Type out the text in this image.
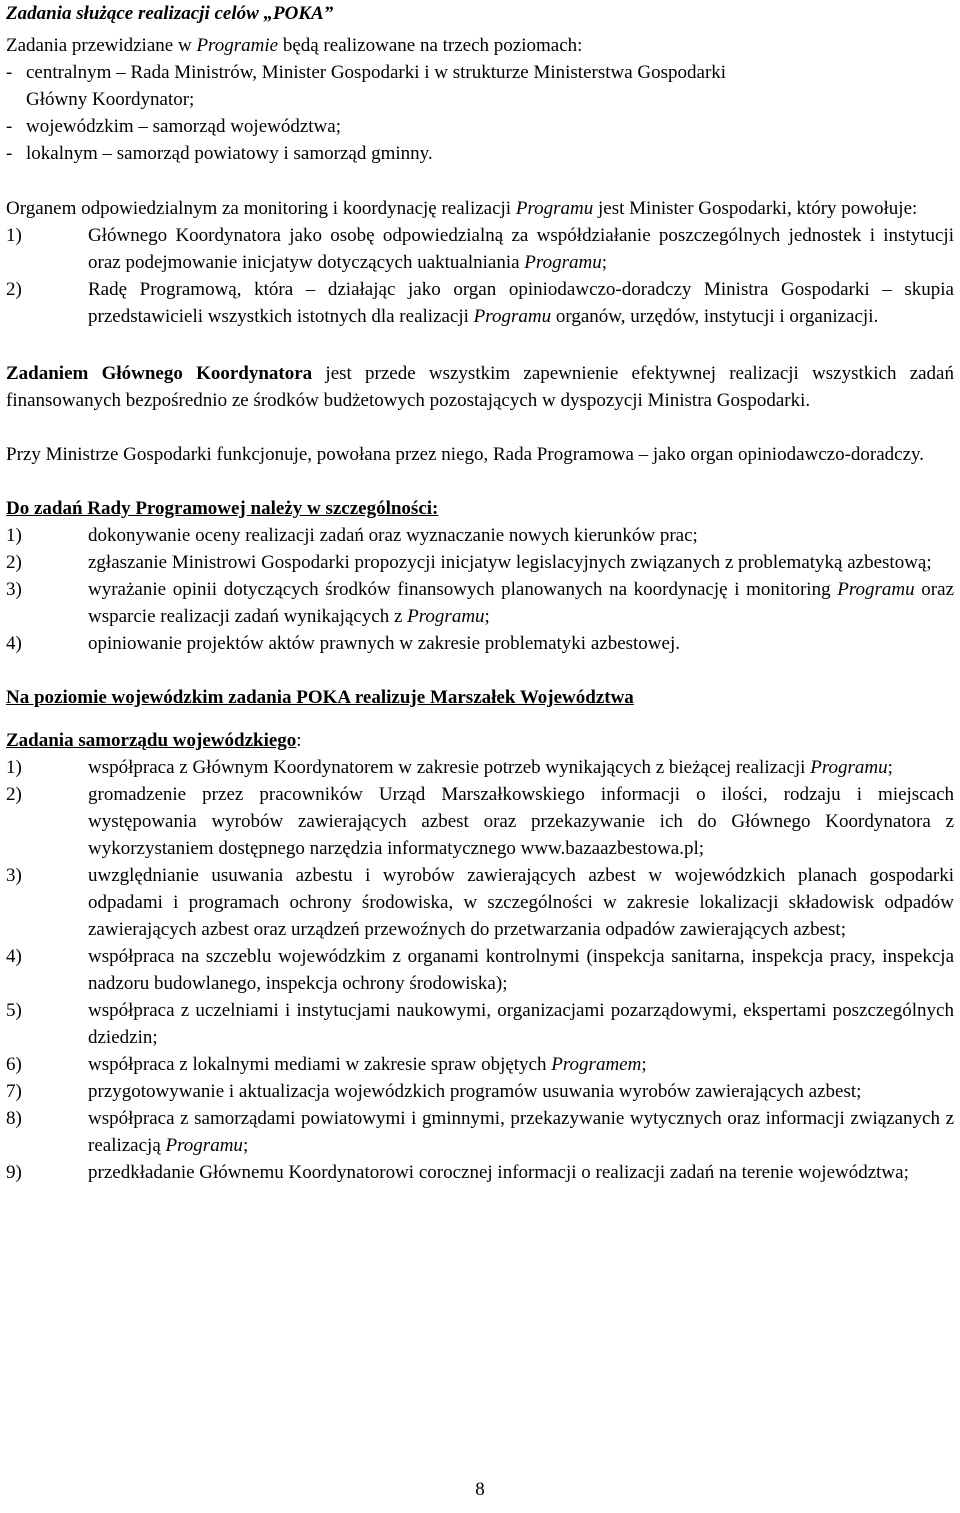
Zadania służące realizacji celów „POKA”

Zadania przewidziane w Programie będą realizowane na trzech poziomach:

- centralnym – Rada Ministrów, Minister Gospodarki i w strukturze Ministerstwa Gospodarki

Główny Koordynator;

- wojewódzkim – samorząd województwa;
- lokalnym – samorząd powiatowy i samorząd gminny.

Organem odpowiedzialnym za monitoring i koordynację realizacji Programu jest Minister Gospodarki, który powołuje:

1)	Głównego Koordynatora jako osobę odpowiedzialną za współdziałanie poszczególnych jednostek i instytucji oraz podejmowanie inicjatyw dotyczących uaktualniania Programu;
2)	Radę Programową, która – działając jako organ opiniodawczo-doradczy Ministra Gospodarki – skupia przedstawicieli wszystkich istotnych dla realizacji Programu organów, urzędów, instytucji i organizacji.

Zadaniem Głównego Koordynatora jest przede wszystkim zapewnienie efektywnej realizacji wszystkich zadań finansowanych bezpośrednio ze środków budżetowych pozostających w dyspozycji Ministra Gospodarki.

Przy Ministrze Gospodarki funkcjonuje, powołana przez niego, Rada Programowa – jako organ opiniodawczo-doradczy.

Do zadań Rady Programowej należy w szczególności:

1)	dokonywanie oceny realizacji zadań oraz wyznaczanie nowych kierunków prac;
2)	zgłaszanie Ministrowi Gospodarki propozycji inicjatyw legislacyjnych związanych z problematyką azbestową;
3)	wyrażanie opinii dotyczących środków finansowych planowanych na koordynację i monitoring Programu oraz wsparcie realizacji zadań wynikających z Programu;
4)	opiniowanie projektów aktów prawnych w zakresie problematyki azbestowej.

Na poziomie wojewódzkim zadania POKA realizuje Marszałek Województwa

Zadania samorządu wojewódzkiego:

1)	współpraca z Głównym Koordynatorem w zakresie potrzeb wynikających z bieżącej realizacji Programu;
2)	gromadzenie przez pracowników Urząd Marszałkowskiego informacji o ilości, rodzaju i miejscach występowania wyrobów zawierających azbest oraz przekazywanie ich do Głównego Koordynatora z wykorzystaniem dostępnego narzędzia informatycznego www.bazaazbestowa.pl;
3)	uwzględnianie usuwania azbestu i wyrobów zawierających azbest w wojewódzkich planach gospodarki odpadami i programach ochrony środowiska, w szczególności w zakresie lokalizacji składowisk odpadów zawierających azbest oraz urządzeń przewoźnych do przetwarzania odpadów zawierających azbest;
4)	współpraca na szczeblu wojewódzkim z organami kontrolnymi (inspekcja sanitarna, inspekcja pracy, inspekcja nadzoru budowlanego, inspekcja ochrony środowiska);
5)	współpraca z uczelniami i instytucjami naukowymi, organizacjami pozarządowymi, ekspertami poszczególnych dziedzin;
6)	współpraca z lokalnymi mediami w zakresie spraw objętych Programem;
7)	przygotowywanie i aktualizacja wojewódzkich programów usuwania wyrobów zawierających azbest;
8)	współpraca z samorządami powiatowymi i gminnymi, przekazywanie wytycznych oraz informacji związanych z realizacją Programu;
9)	przedkładanie Głównemu Koordynatorowi corocznej informacji o realizacji zadań na terenie województwa;
8
